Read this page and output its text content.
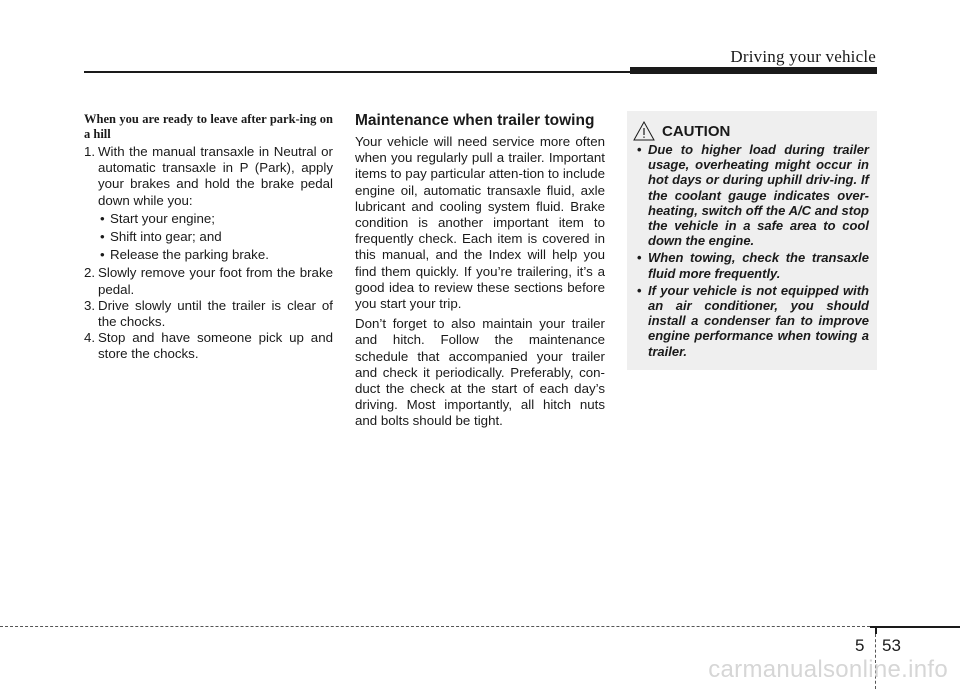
Driving your vehicle
When you are ready to leave after park-ing on a hill
1. With the manual transaxle in Neutral or automatic transaxle in P (Park), apply your brakes and hold the brake pedal down while you:
• Start your engine;
• Shift into gear; and
• Release the parking brake.
2. Slowly remove your foot from the brake pedal.
3. Drive slowly until the trailer is clear of the chocks.
4. Stop and have someone pick up and store the chocks.
Maintenance when trailer towing

Your vehicle will need service more often when you regularly pull a trailer. Important items to pay particular atten-tion to include engine oil, automatic transaxle fluid, axle lubricant and cooling system fluid. Brake condition is another important item to frequently check. Each item is covered in this manual, and the Index will help you find them quickly. If you’re trailering, it’s a good idea to review these sections before you start your trip.

Don’t forget to also maintain your trailer and hitch. Follow the maintenance schedule that accompanied your trailer and check it periodically. Preferably, con-duct the check at the start of each day’s driving. Most importantly, all hitch nuts and bolts should be tight.

CAUTION
• Due to higher load during trailer usage, overheating might occur in hot days or during uphill driv-ing. If the coolant gauge indicates over-heating, switch off the A/C and stop the vehicle in a safe area to cool down the engine.
• When towing, check the transaxle fluid more frequently.
• If your vehicle is not equipped with an air conditioner, you should install a condenser fan to improve engine performance when towing a trailer.
5 53
carmanualsonline.info
